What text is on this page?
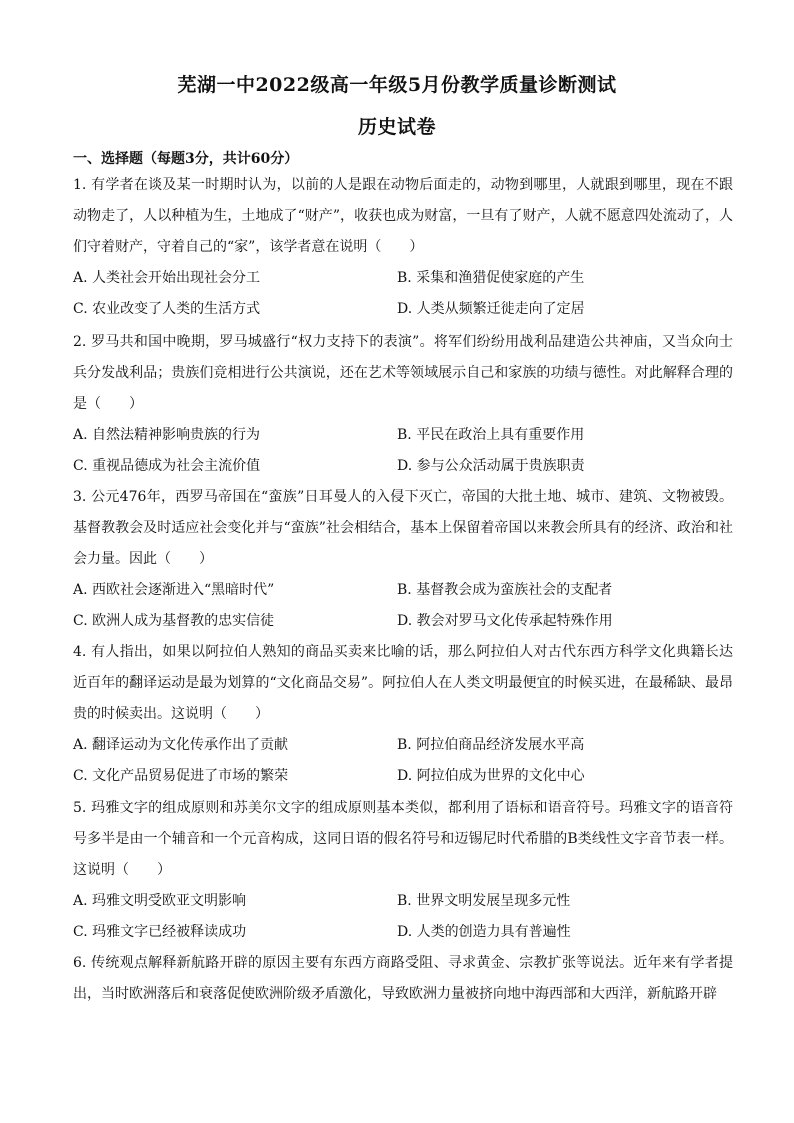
芜湖一中2022级高一年级5月份教学质量诊断测试
历史试卷
一、选择题（每题3分，共计60分）

1. 有学者在谈及某一时期时认为，以前的人是跟在动物后面走的，动物到哪里，人就跟到哪里，现在不跟动物走了，人以种植为生，土地成了“财产”，收获也成为财富，一旦有了财产，人就不愿意四处流动了，人们守着财产，守着自己的“家”，该学者意在说明（　　）

A. 人类社会开始出现社会分工	B. 采集和渔猎促使家庭的产生
C. 农业改变了人类的生活方式	D. 人类从频繁迁徙走向了定居

2. 罗马共和国中晚期，罗马城盛行“权力支持下的表演”。将军们纷纷用战利品建造公共神庙，又当众向士兵分发战利品；贵族们竞相进行公共演说，还在艺术等领域展示自己和家族的功绩与德性。对此解释合理的是（　　）

A. 自然法精神影响贵族的行为	B. 平民在政治上具有重要作用
C. 重视品德成为社会主流价值	D. 参与公众活动属于贵族职责

3. 公元476年，西罗马帝国在“蛮族”日耳曼人的入侵下灭亡，帝国的大批土地、城市、建筑、文物被毁。基督教教会及时适应社会变化并与“蛮族”社会相结合，基本上保留着帝国以来教会所具有的经济、政治和社会力量。因此（　　）

A. 西欧社会逐渐进入“黑暗时代”	B. 基督教会成为蛮族社会的支配者
C. 欧洲人成为基督教的忠实信徒	D. 教会对罗马文化传承起特殊作用

4. 有人指出，如果以阿拉伯人熟知的商品买卖来比喻的话，那么阿拉伯人对古代东西方科学文化典籍长达近百年的翻译运动是最为划算的“文化商品交易”。阿拉伯人在人类文明最便宜的时候买进，在最稀缺、最昂贵的时候卖出。这说明（　　）

A. 翻译运动为文化传承作出了贡献	B. 阿拉伯商品经济发展水平高
C. 文化产品贸易促进了市场的繁荣	D. 阿拉伯成为世界的文化中心

5. 玛雅文字的组成原则和苏美尔文字的组成原则基本类似，都利用了语标和语音符号。玛雅文字的语音符号多半是由一个辅音和一个元音构成，这同日语的假名符号和迈锡尼时代希腊的B类线性文字音节表一样。这说明（　　）

A. 玛雅文明受欧亚文明影响	B. 世界文明发展呈现多元性
C. 玛雅文字已经被释读成功	D. 人类的创造力具有普遍性

6. 传统观点解释新航路开辟的原因主要有东西方商路受阻、寻求黄金、宗教扩张等说法。近年来有学者提出，当时欧洲落后和衰落促使欧洲阶级矛盾激化，导致欧洲力量被挤向地中海西部和大西洋，新航路开辟
